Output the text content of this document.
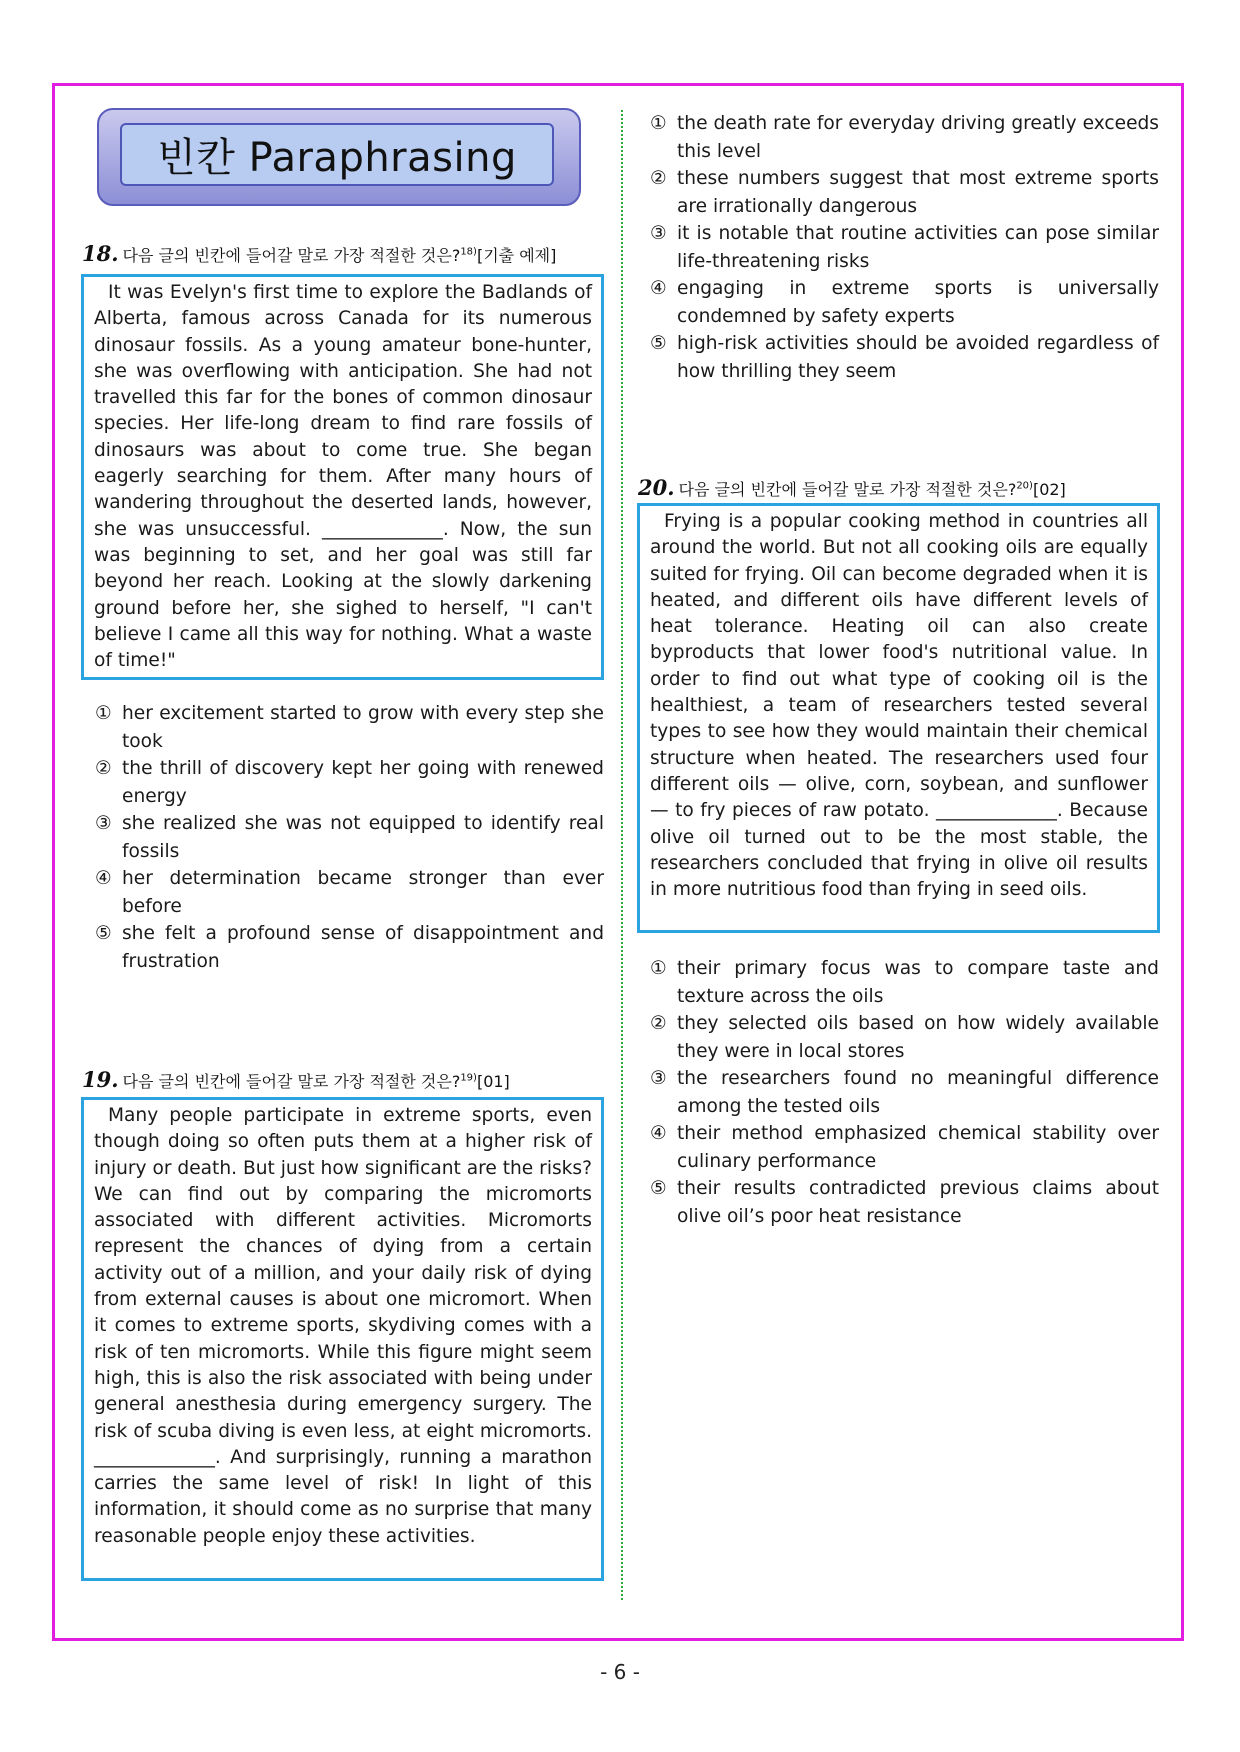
빈칸 Paraphrasing
18. 다음 글의 빈칸에 들어갈 말로 가장 적절한 것은?$^{18)}$[기출 예제]
It was Evelyn's first time to explore the Badlands of Alberta, famous across Canada for its numerous dinosaur fossils. As a young amateur bone-hunter, she was overflowing with anticipation. She had not travelled this far for the bones of common dinosaur species. Her life-long dream to find rare fossils of dinosaurs was about to come true. She began eagerly searching for them. After many hours of wandering throughout the deserted lands, however, she was unsuccessful. _____________. Now, the sun was beginning to set, and her goal was still far beyond her reach. Looking at the slowly darkening ground before her, she sighed to herself, "I can't believe I came all this way for nothing. What a waste of time!"
① her excitement started to grow with every step she took
② the thrill of discovery kept her going with renewed energy
③ she realized she was not equipped to identify real fossils
④ her determination became stronger than ever before
⑤ she felt a profound sense of disappointment and frustration
19. 다음 글의 빈칸에 들어갈 말로 가장 적절한 것은?$^{19)}$[01]
Many people participate in extreme sports, even though doing so often puts them at a higher risk of injury or death. But just how significant are the risks? We can find out by comparing the micromorts associated with different activities. Micromorts represent the chances of dying from a certain activity out of a million, and your daily risk of dying from external causes is about one micromort. When it comes to extreme sports, skydiving comes with a risk of ten micromorts. While this figure might seem high, this is also the risk associated with being under general anesthesia during emergency surgery. The risk of scuba diving is even less, at eight micromorts. _____________. And surprisingly, running a marathon carries the same level of risk! In light of this information, it should come as no surprise that many reasonable people enjoy these activities.
① the death rate for everyday driving greatly exceeds this level
② these numbers suggest that most extreme sports are irrationally dangerous
③ it is notable that routine activities can pose similar life-threatening risks
④ engaging in extreme sports is universally condemned by safety experts
⑤ high-risk activities should be avoided regardless of how thrilling they seem
20. 다음 글의 빈칸에 들어갈 말로 가장 적절한 것은?$^{20)}$[02]
Frying is a popular cooking method in countries all around the world. But not all cooking oils are equally suited for frying. Oil can become degraded when it is heated, and different oils have different levels of heat tolerance. Heating oil can also create byproducts that lower food's nutritional value. In order to find out what type of cooking oil is the healthiest, a team of researchers tested several types to see how they would maintain their chemical structure when heated. The researchers used four different oils — olive, corn, soybean, and sunflower — to fry pieces of raw potato. _____________. Because olive oil turned out to be the most stable, the researchers concluded that frying in olive oil results in more nutritious food than frying in seed oils.
① their primary focus was to compare taste and texture across the oils
② they selected oils based on how widely available they were in local stores
③ the researchers found no meaningful difference among the tested oils
④ their method emphasized chemical stability over culinary performance
⑤ their results contradicted previous claims about olive oil’s poor heat resistance
- 6 -
